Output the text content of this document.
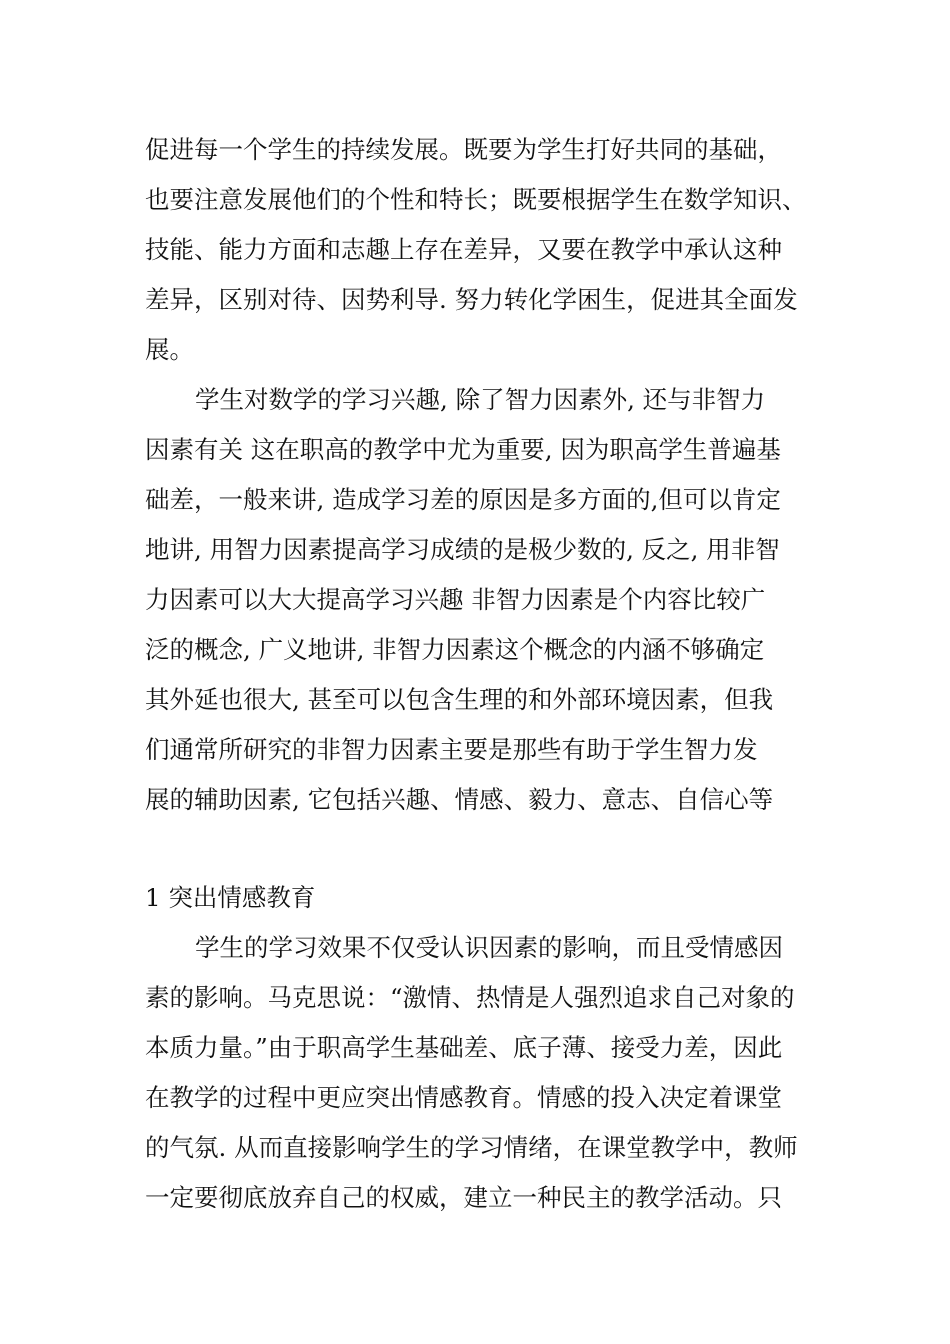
促进每一个学生的持续发展。既要为学生打好共同的基础，
也要注意发展他们的个性和特长；既要根据学生在数学知识、
技能、能力方面和志趣上存在差异，又要在教学中承认这种
差异，区别对待、因势利导. 努力转化学困生，促进其全面发
展。
学生对数学的学习兴趣, 除了智力因素外, 还与非智力
因素有关 这在职高的教学中尤为重要, 因为职高学生普遍基
础差，一般来讲, 造成学习差的原因是多方面的,但可以肯定
地讲, 用智力因素提高学习成绩的是极少数的, 反之, 用非智
力因素可以大大提高学习兴趣 非智力因素是个内容比较广
泛的概念, 广义地讲, 非智力因素这个概念的内涵不够确定
其外延也很大, 甚至可以包含生理的和外部环境因素，但我
们通常所研究的非智力因素主要是那些有助于学生智力发
展的辅助因素, 它包括兴趣、情感、毅力、意志、自信心等
1 突出情感教育
学生的学习效果不仅受认识因素的影响，而且受情感因
素的影响。马克思说：“激情、热情是人强烈追求自己对象的
本质力量。”由于职高学生基础差、底子薄、接受力差，因此
在教学的过程中更应突出情感教育。情感的投入决定着课堂
的气氛. 从而直接影响学生的学习情绪，在课堂教学中，教师
一定要彻底放弃自己的权威，建立一种民主的教学活动。只
